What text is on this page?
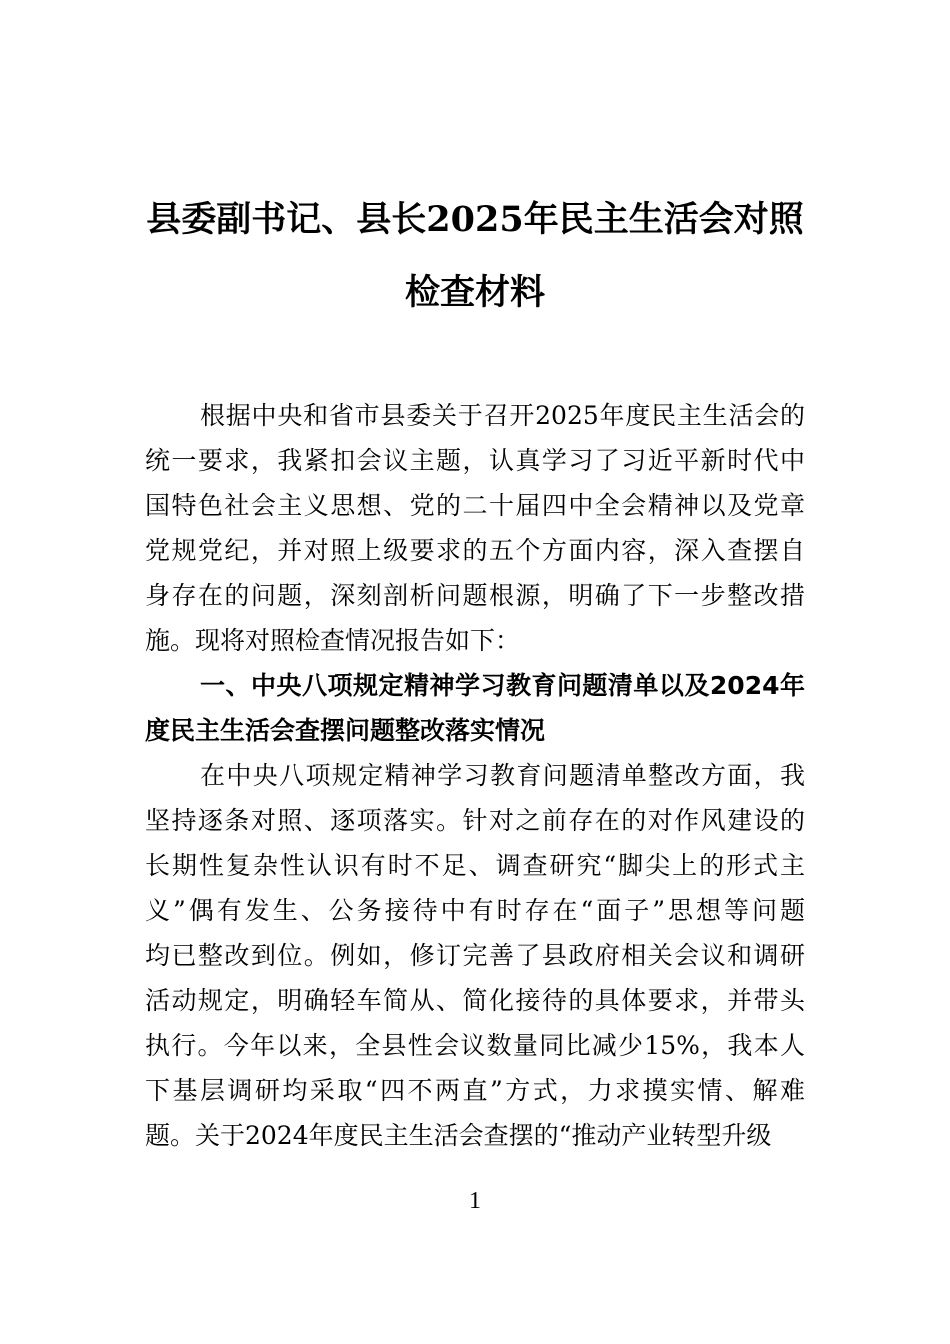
县委副书记、县长2025年民主生活会对照
检查材料
根据中央和省市县委关于召开2025年度民主生活会的
统一要求，我紧扣会议主题，认真学习了习近平新时代中
国特色社会主义思想、党的二十届四中全会精神以及党章
党规党纪，并对照上级要求的五个方面内容，深入查摆自
身存在的问题，深刻剖析问题根源，明确了下一步整改措
施。现将对照检查情况报告如下：
一、中央八项规定精神学习教育问题清单以及2024年
度民主生活会查摆问题整改落实情况
在中央八项规定精神学习教育问题清单整改方面，我
坚持逐条对照、逐项落实。针对之前存在的对作风建设的
长期性复杂性认识有时不足、调查研究“脚尖上的形式主
义”偶有发生、公务接待中有时存在“面子”思想等问题
均已整改到位。例如，修订完善了县政府相关会议和调研
活动规定，明确轻车简从、简化接待的具体要求，并带头
执行。今年以来，全县性会议数量同比减少15%，我本人
下基层调研均采取“四不两直”方式，力求摸实情、解难
题。关于2024年度民主生活会查摆的“推动产业转型升级
1
